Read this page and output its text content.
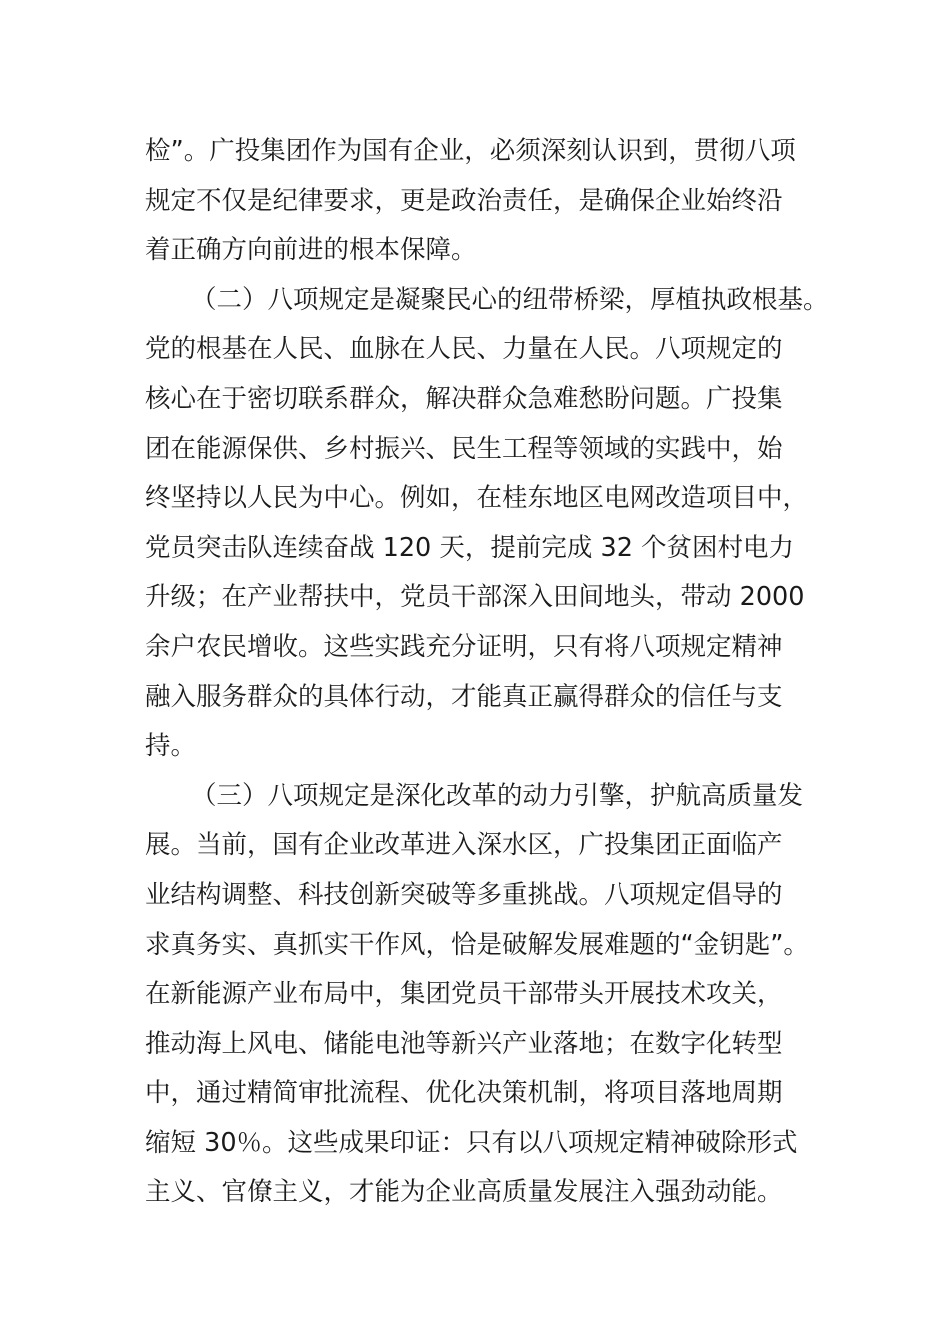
检”。广投集团作为国有企业，必须深刻认识到，贯彻八项
规定不仅是纪律要求，更是政治责任，是确保企业始终沿
着正确方向前进的根本保障。
（二）八项规定是凝聚民心的纽带桥梁，厚植执政根基。
党的根基在人民、血脉在人民、力量在人民。八项规定的
核心在于密切联系群众，解决群众急难愁盼问题。广投集
团在能源保供、乡村振兴、民生工程等领域的实践中，始
终坚持以人民为中心。例如，在桂东地区电网改造项目中，
党员突击队连续奋战 120 天，提前完成 32 个贫困村电力
升级；在产业帮扶中，党员干部深入田间地头，带动 2000
余户农民增收。这些实践充分证明，只有将八项规定精神
融入服务群众的具体行动，才能真正赢得群众的信任与支
持。
（三）八项规定是深化改革的动力引擎，护航高质量发
展。当前，国有企业改革进入深水区，广投集团正面临产
业结构调整、科技创新突破等多重挑战。八项规定倡导的
求真务实、真抓实干作风，恰是破解发展难题的“金钥匙”。
在新能源产业布局中，集团党员干部带头开展技术攻关，
推动海上风电、储能电池等新兴产业落地；在数字化转型
中，通过精简审批流程、优化决策机制，将项目落地周期
缩短 30％。这些成果印证：只有以八项规定精神破除形式
主义、官僚主义，才能为企业高质量发展注入强劲动能。
